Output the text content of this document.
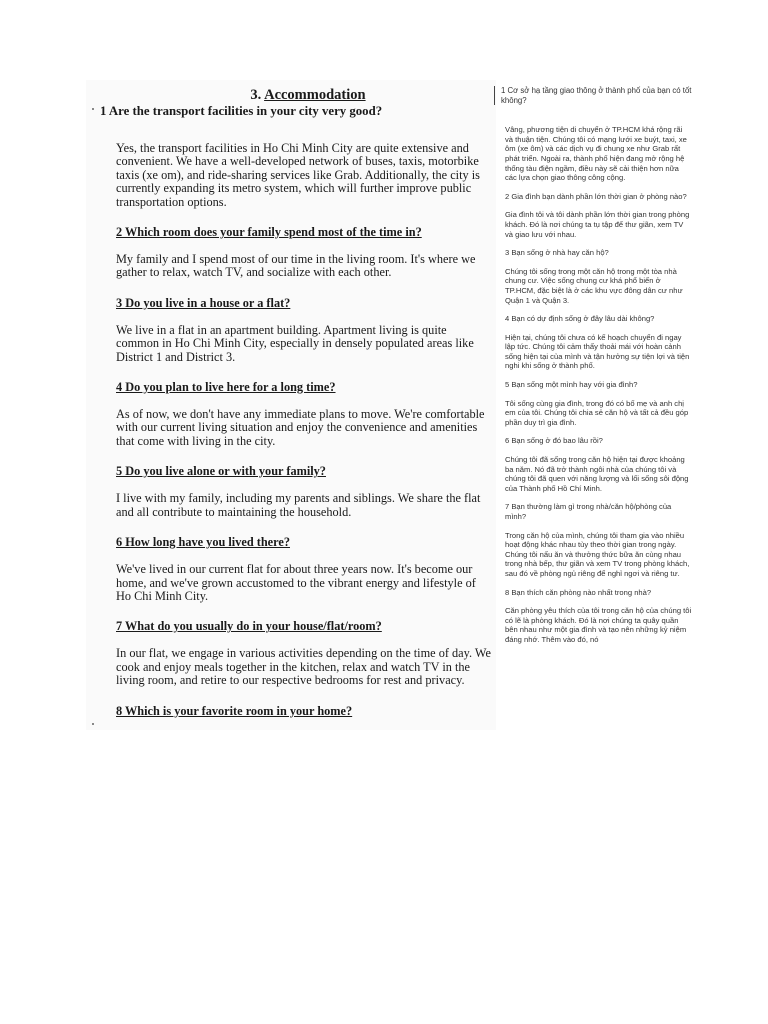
3. Accommodation

1 Are the transport facilities in your city very good?

Yes, the transport facilities in Ho Chi Minh City are quite extensive and convenient. We have a well-developed network of buses, taxis, motorbike taxis (xe om), and ride-sharing services like Grab. Additionally, the city is currently expanding its metro system, which will further improve public transportation options.

2 Which room does your family spend most of the time in?

My family and I spend most of our time in the living room. It's where we gather to relax, watch TV, and socialize with each other.

3 Do you live in a house or a flat?

We live in a flat in an apartment building. Apartment living is quite common in Ho Chi Minh City, especially in densely populated areas like District 1 and District 3.

4 Do you plan to live here for a long time?

As of now, we don't have any immediate plans to move. We're comfortable with our current living situation and enjoy the convenience and amenities that come with living in the city.

5 Do you live alone or with your family?

I live with my family, including my parents and siblings. We share the flat and all contribute to maintaining the household.

6 How long have you lived there?

We've lived in our current flat for about three years now. It's become our home, and we've grown accustomed to the vibrant energy and lifestyle of Ho Chi Minh City.

7 What do you usually do in your house/flat/room?

In our flat, we engage in various activities depending on the time of day. We cook and enjoy meals together in the kitchen, relax and watch TV in the living room, and retire to our respective bedrooms for rest and privacy.

8 Which is your favorite room in your home?

1 Cơ sở hạ tầng giao thông ở thành phố của bạn có tốt không?
Vâng, phương tiện di chuyển ở TP.HCM khá rộng rãi và thuận tiện. Chúng tôi có mạng lưới xe buýt, taxi, xe ôm (xe ôm) và các dịch vụ đi chung xe như Grab rất phát triển. Ngoài ra, thành phố hiện đang mở rộng hệ thống tàu điện ngầm, điều này sẽ cải thiện hơn nữa các lựa chọn giao thông công cộng.
2 Gia đình bạn dành phần lớn thời gian ở phòng nào?
Gia đình tôi và tôi dành phần lớn thời gian trong phòng khách. Đó là nơi chúng ta tụ tập để thư giãn, xem TV và giao lưu với nhau.
3 Bạn sống ở nhà hay căn hộ?
Chúng tôi sống trong một căn hộ trong một tòa nhà chung cư. Việc sống chung cư khá phổ biến ở TP.HCM, đặc biệt là ở các khu vực đông dân cư như Quận 1 và Quận 3.
4 Bạn có dự định sống ở đây lâu dài không?
Hiện tại, chúng tôi chưa có kế hoạch chuyển đi ngay lập tức. Chúng tôi cảm thấy thoải mái với hoàn cảnh sống hiện tại của mình và tận hưởng sự tiện lợi và tiện nghi khi sống ở thành phố.
5 Bạn sống một mình hay với gia đình?
Tôi sống cùng gia đình, trong đó có bố mẹ và anh chị em của tôi. Chúng tôi chia sẻ căn hộ và tất cả đều góp phần duy trì gia đình.
6 Bạn sống ở đó bao lâu rồi?
Chúng tôi đã sống trong căn hộ hiện tại được khoảng ba năm. Nó đã trở thành ngôi nhà của chúng tôi và chúng tôi đã quen với năng lượng và lối sống sôi động của Thành phố Hồ Chí Minh.
7 Bạn thường làm gì trong nhà/căn hộ/phòng của mình?
Trong căn hộ của mình, chúng tôi tham gia vào nhiều hoạt động khác nhau tùy theo thời gian trong ngày. Chúng tôi nấu ăn và thưởng thức bữa ăn cùng nhau trong nhà bếp, thư giãn và xem TV trong phòng khách, sau đó về phòng ngủ riêng để nghỉ ngơi và riêng tư.
8 Bạn thích căn phòng nào nhất trong nhà?
Căn phòng yêu thích của tôi trong căn hộ của chúng tôi có lẽ là phòng khách. Đó là nơi chúng ta quây quần bên nhau như một gia đình và tạo nên những kỷ niệm đáng nhớ. Thêm vào đó, nó
